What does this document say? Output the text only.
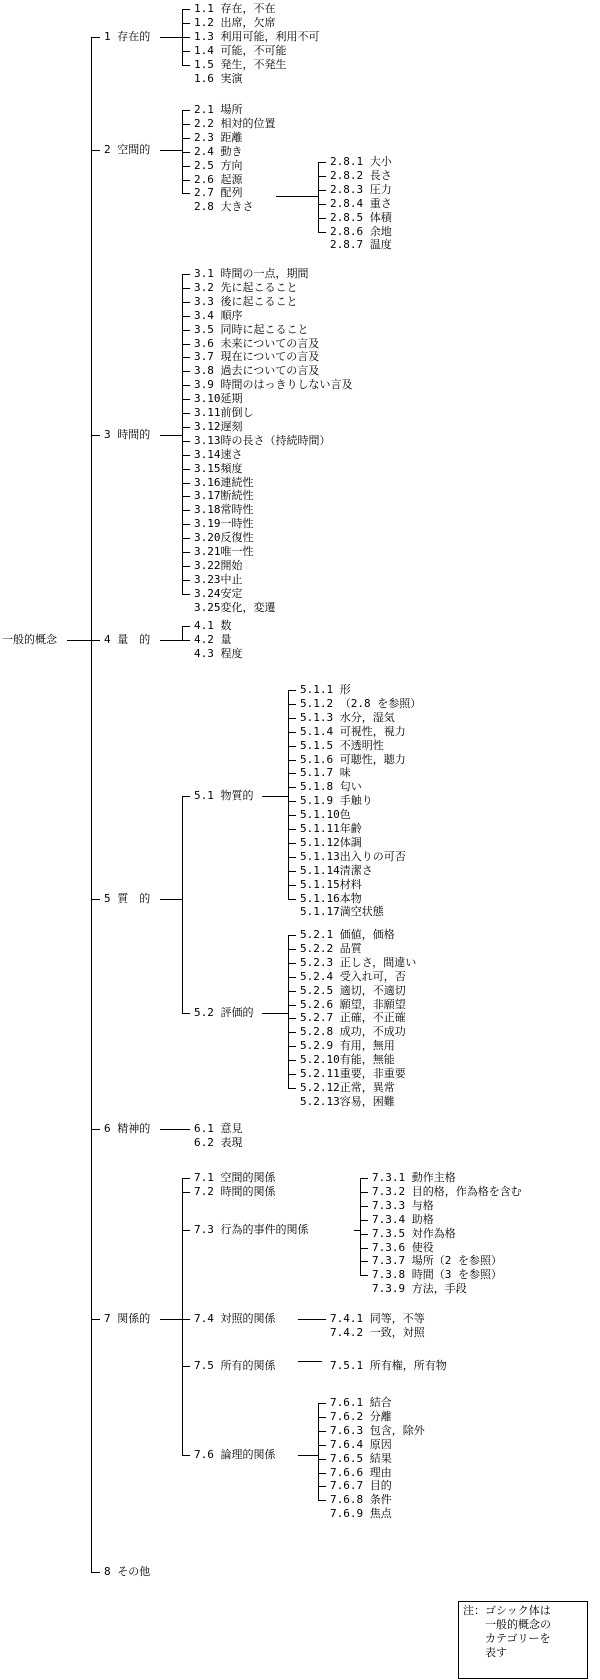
一般的概念
1 存在的
2 空間的
3 時間的
4 量　的
5 質　的
6 精神的
7 関係的
8 その他
1.1 存在，不在
1.2 出席，欠席
1.3 利用可能，利用不可
1.4 可能，不可能
1.5 発生，不発生
1.6 実演
2.1 場所
2.2 相対的位置
2.3 距離
2.4 動き
2.5 方向
2.6 起源
2.7 配列
2.8 大きさ
2.8.1 大小
2.8.2 長さ
2.8.3 圧力
2.8.4 重さ
2.8.5 体積
2.8.6 余地
2.8.7 温度
3.1 時間の一点，期間
3.2 先に起こること
3.3 後に起こること
3.4 順序
3.5 同時に起こること
3.6 未来についての言及
3.7 現在についての言及
3.8 過去についての言及
3.9 時間のはっきりしない言及
3.10延期
3.11前倒し
3.12遅刻
3.13時の長さ（持続時間）
3.14速さ
3.15頻度
3.16連続性
3.17断続性
3.18常時性
3.19一時性
3.20反復性
3.21唯一性
3.22開始
3.23中止
3.24安定
3.25変化，変遷
4.1 数
4.2 量
4.3 程度
5.1 物質的
5.2 評価的
5.1.1 形
5.1.2 （2.8 を参照）
5.1.3 水分，湿気
5.1.4 可視性，視力
5.1.5 不透明性
5.1.6 可聴性，聴力
5.1.7 味
5.1.8 匂い
5.1.9 手触り
5.1.10色
5.1.11年齢
5.1.12体調
5.1.13出入りの可否
5.1.14清潔さ
5.1.15材料
5.1.16本物
5.1.17満空状態
5.2.1 価値，価格
5.2.2 品質
5.2.3 正しさ，間違い
5.2.4 受入れ可，否
5.2.5 適切，不適切
5.2.6 願望，非願望
5.2.7 正確，不正確
5.2.8 成功，不成功
5.2.9 有用，無用
5.2.10有能，無能
5.2.11重要，非重要
5.2.12正常，異常
5.2.13容易，困難
6.1 意見
6.2 表現
7.1 空間的関係
7.2 時間的関係
7.3 行為的事件的関係
7.4 対照的関係
7.5 所有的関係
7.6 論理的関係
7.3.1 動作主格
7.3.2 目的格，作為格を含む
7.3.3 与格
7.3.4 助格
7.3.5 対作為格
7.3.6 使役
7.3.7 場所（2 を参照）
7.3.8 時間（3 を参照）
7.3.9 方法，手段
7.4.1 同等，不等
7.4.2 一致，対照
7.5.1 所有権，所有物
7.6.1 結合
7.6.2 分離
7.6.3 包含，除外
7.6.4 原因
7.6.5 結果
7.6.6 理由
7.6.7 目的
7.6.8 条件
7.6.9 焦点
注：ゴシック体は
一般的概念の
カテゴリーを
表す
